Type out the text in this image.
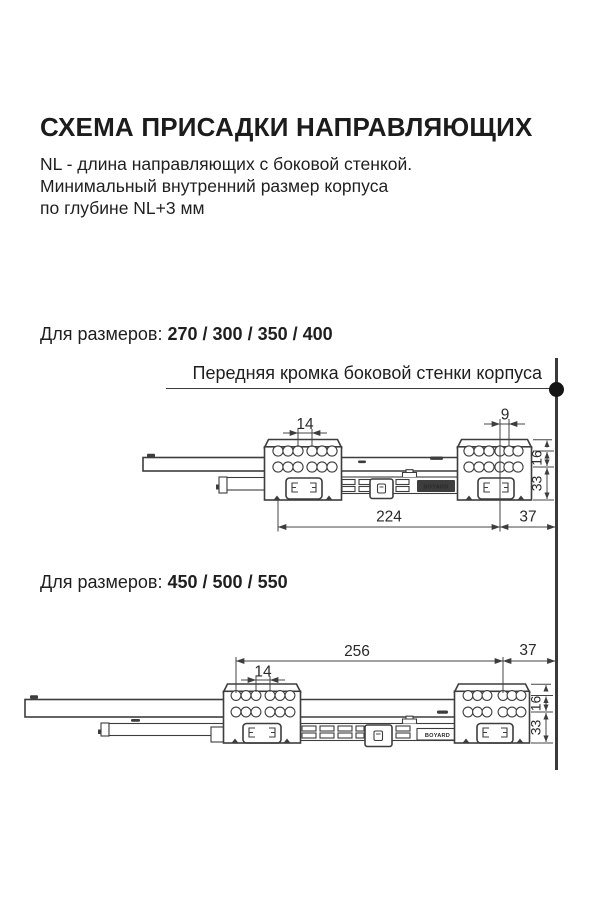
СХЕМА ПРИСАДКИ НАПРАВЛЯЮЩИХ
NL - длина направляющих с боковой стенкой.
Минимальный внутренний размер корпуса
по глубине NL+3 мм
Для размеров: 270 / 300 / 350 / 400
Передняя кромка боковой стенки корпуса
BOYARD
14
9
224	37
16
33
Для размеров: 450 / 500 / 550
BOYARD
256	37
14
16
33
